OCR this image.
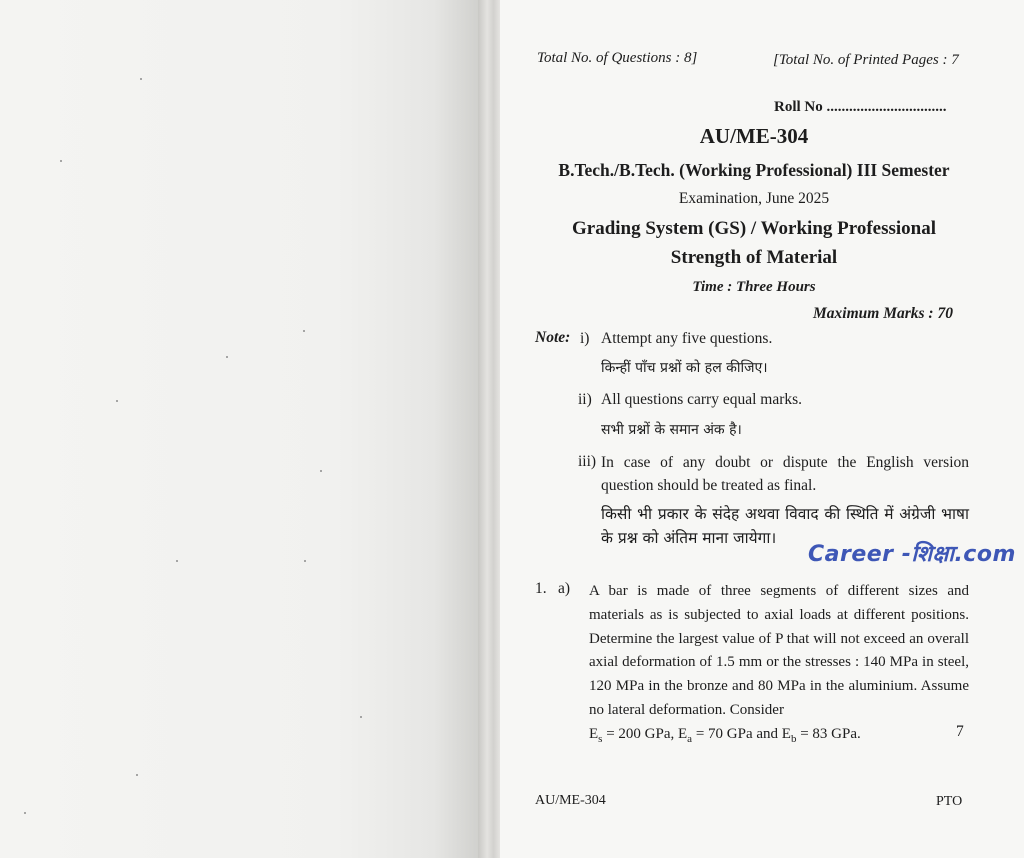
Total No. of Questions : 8]	[Total No. of Printed Pages : 7
Roll No ................................
AU/ME-304
B.Tech./B.Tech. (Working Professional) III Semester
Examination, June 2025
Grading System (GS) / Working Professional
Strength of Material
Time : Three Hours
Maximum Marks : 70
Note: i) Attempt any five questions.
किन्हीं पाँच प्रश्नों को हल कीजिए।
ii) All questions carry equal marks.
सभी प्रश्नों के समान अंक है।
iii) In case of any doubt or dispute the English version question should be treated as final.
किसी भी प्रकार के संदेह अथवा विवाद की स्थिति में अंग्रेजी भाषा के प्रश्न को अंतिम माना जायेगा।
Career -शिक्षा.com
1. a) A bar is made of three segments of different sizes and materials as is subjected to axial loads at different positions. Determine the largest value of P that will not exceed an overall axial deformation of 1.5 mm or the stresses : 140 MPa in steel, 120 MPa in the bronze and 80 MPa in the aluminium. Assume no lateral deformation. Consider
$E_s = 200$ GPa, $E_a = 70$ GPa and $E_b = 83$ GPa.	7
AU/ME-304	PTO
